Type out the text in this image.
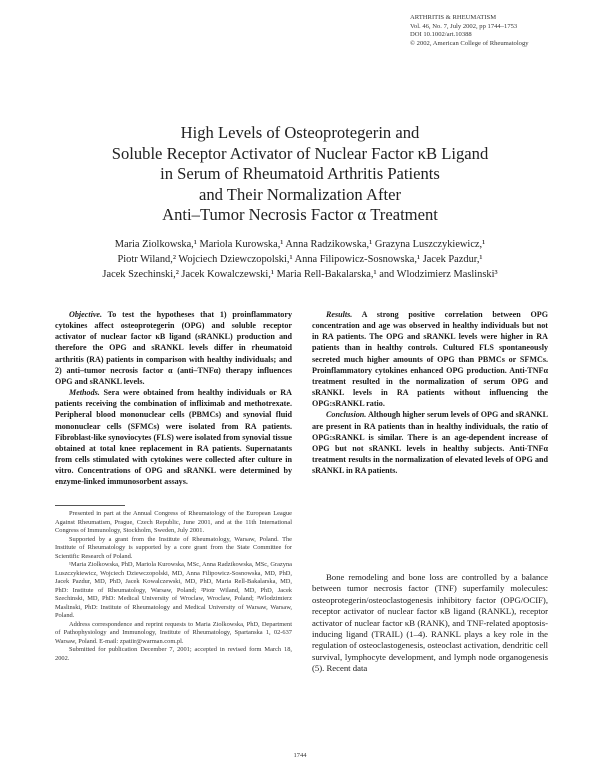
ARTHRITIS & RHEUMATISM
Vol. 46, No. 7, July 2002, pp 1744–1753
DOI 10.1002/art.10388
© 2002, American College of Rheumatology
High Levels of Osteoprotegerin and
Soluble Receptor Activator of Nuclear Factor κB Ligand
in Serum of Rheumatoid Arthritis Patients
and Their Normalization After
Anti–Tumor Necrosis Factor α Treatment
Maria Ziolkowska,¹ Mariola Kurowska,¹ Anna Radzikowska,¹ Grazyna Luszczykiewicz,¹
Piotr Wiland,² Wojciech Dziewczopolski,¹ Anna Filipowicz-Sosnowska,¹ Jacek Pazdur,¹
Jacek Szechinski,² Jacek Kowalczewski,¹ Maria Rell-Bakalarska,¹ and Wlodzimierz Maslinski³

Objective. To test the hypotheses that 1) proinflammatory cytokines affect osteoprotegerin (OPG) and soluble receptor activator of nuclear factor κB ligand (sRANKL) production and therefore the OPG and sRANKL levels differ in rheumatoid arthritis (RA) patients in comparison with healthy individuals; and 2) anti–tumor necrosis factor α (anti–TNFα) therapy influences OPG and sRANKL levels.

Methods. Sera were obtained from healthy individuals or RA patients receiving the combination of infliximab and methotrexate. Peripheral blood mononuclear cells (PBMCs) and synovial fluid mononuclear cells (SFMCs) were isolated from RA patients. Fibroblast-like synoviocytes (FLS) were isolated from synovial tissue obtained at total knee replacement in RA patients. Supernatants from cells stimulated with cytokines were collected after culture in vitro. Concentrations of OPG and sRANKL were determined by enzyme-linked immunosorbent assays.

Results. A strong positive correlation between OPG concentration and age was observed in healthy individuals but not in RA patients. The OPG and sRANKL levels were higher in RA patients than in healthy controls. Cultured FLS spontaneously secreted much higher amounts of OPG than PBMCs or SFMCs. Proinflammatory cytokines enhanced OPG production. Anti-TNFα treatment resulted in the normalization of serum OPG and sRANKL levels in RA patients without influencing the OPG:sRANKL ratio.

Conclusion. Although higher serum levels of OPG and sRANKL are present in RA patients than in healthy individuals, the ratio of OPG:sRANKL is similar. There is an age-dependent increase of OPG but not sRANKL levels in healthy subjects. Anti-TNFα treatment results in the normalization of elevated levels of OPG and sRANKL in RA patients.

Presented in part at the Annual Congress of Rheumatology of the European League Against Rheumatism, Prague, Czech Republic, June 2001, and at the 11th International Congress of Immunology, Stockholm, Sweden, July 2001.

Supported by a grant from the Institute of Rheumatology, Warsaw, Poland. The Institute of Rheumatology is supported by a core grant from the State Committee for Scientific Research of Poland.

¹Maria Ziolkowska, PhD, Mariola Kurowska, MSc, Anna Radzikowska, MSc, Grazyna Luszczykiewicz, Wojciech Dziewczopolski, MD, Anna Filipowicz-Sosnowska, MD, PhD, Jacek Pazdur, MD, PhD, Jacek Kowalczewski, MD, PhD, Maria Rell-Bakalarska, MD, PhD: Institute of Rheumatology, Warsaw, Poland; ²Piotr Wiland, MD, PhD, Jacek Szechinski, MD, PhD: Medical University of Wroclaw, Wroclaw, Poland; ³Wlodzimierz Maslinski, PhD: Institute of Rheumatology and Medical University of Warsaw, Warsaw, Poland.

Address correspondence and reprint requests to Maria Ziolkowska, PhD, Department of Pathophysiology and Immunology, Institute of Rheumatology, Spartanska 1, 02-637 Warsaw, Poland. E-mail: zpatiir@warman.com.pl.

Submitted for publication December 7, 2001; accepted in revised form March 18, 2002.

Bone remodeling and bone loss are controlled by a balance between tumor necrosis factor (TNF) superfamily molecules: osteoprotegerin/osteoclastogenesis inhibitory factor (OPG/OCIF), receptor activator of nuclear factor κB ligand (RANKL), receptor activator of nuclear factor κB (RANK), and TNF-related apoptosis-inducing ligand (TRAIL) (1–4). RANKL plays a key role in the regulation of osteoclastogenesis, osteoclast activation, dendritic cell survival, lymphocyte development, and lymph node organogenesis (5). Recent data

1744
